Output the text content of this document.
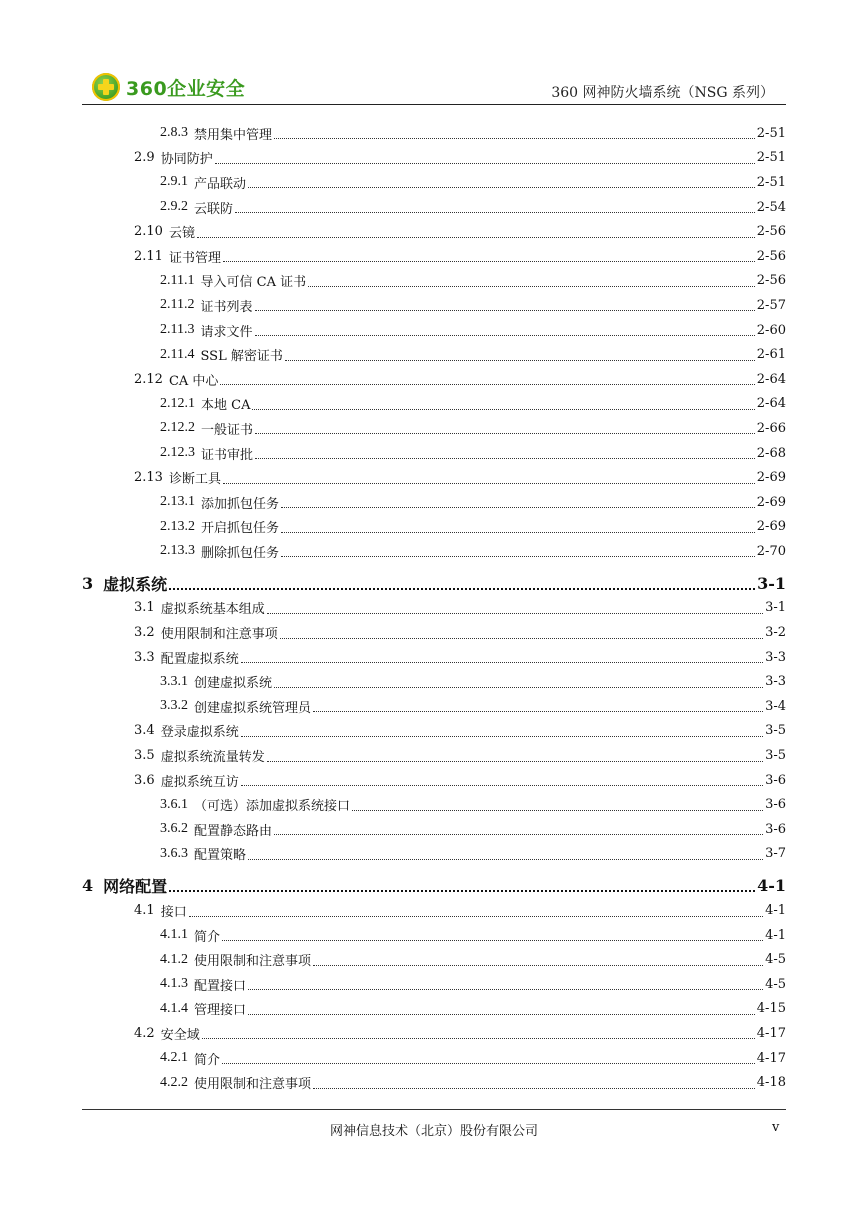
360企业安全	360 网神防火墙系统（NSG 系列）
2.8.3 禁用集中管理	2-51
2.9 协同防护	2-51
2.9.1 产品联动	2-51
2.9.2 云联防	2-54
2.10 云镜	2-56
2.11 证书管理	2-56
2.11.1 导入可信 CA 证书	2-56
2.11.2 证书列表	2-57
2.11.3 请求文件	2-60
2.11.4 SSL 解密证书	2-61
2.12 CA 中心	2-64
2.12.1 本地 CA	2-64
2.12.2 一般证书	2-66
2.12.3 证书审批	2-68
2.13 诊断工具	2-69
2.13.1 添加抓包任务	2-69
2.13.2 开启抓包任务	2-69
2.13.3 删除抓包任务	2-70
3 虚拟系统	3-1
3.1 虚拟系统基本组成	3-1
3.2 使用限制和注意事项	3-2
3.3 配置虚拟系统	3-3
3.3.1 创建虚拟系统	3-3
3.3.2 创建虚拟系统管理员	3-4
3.4 登录虚拟系统	3-5
3.5 虚拟系统流量转发	3-5
3.6 虚拟系统互访	3-6
3.6.1 （可选）添加虚拟系统接口	3-6
3.6.2 配置静态路由	3-6
3.6.3 配置策略	3-7
4 网络配置	4-1
4.1 接口	4-1
4.1.1 简介	4-1
4.1.2 使用限制和注意事项	4-5
4.1.3 配置接口	4-5
4.1.4 管理接口	4-15
4.2 安全域	4-17
4.2.1 简介	4-17
4.2.2 使用限制和注意事项	4-18
网神信息技术（北京）股份有限公司	v
